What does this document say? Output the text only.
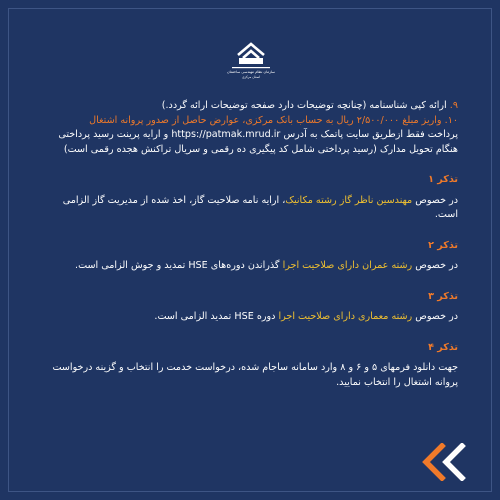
سازمان نظام مهندسی ساختمان
استان مرکزی

۹. ارائه کپی شناسنامه (چنانچه توضیحات دارد صفحه توضیحات ارائه گردد.)

۱۰. واریز مبلغ ۲/۵۰۰/۰۰۰ ریال به حساب بانک مرکزی، عوارض حاصل از صدور پروانه اشتغال

پرداخت فقط ازطریق سایت پاتمک به آدرس https://patmak.mrud.ir و ارایه پرینت رسید پرداختی هنگام تحویل مدارک (رسید پرداختی شامل کد پیگیری ده رقمی و سریال تراکنش هجده رقمی است)

تذکر ۱

در خصوص مهندسین ناظر گاز رشته مکانیک، ارایه نامه صلاحیت گاز، اخذ شده از مدیریت گاز الزامی است.

تذکر ۲

در خصوص رشته عمران دارای صلاحیت اجرا گذراندن دوره‌های HSE تمدید و جوش الزامی است.

تذکر ۳

در خصوص رشته معماری دارای صلاحیت اجرا دوره HSE تمدید الزامی است.

تذکر ۴

جهت دانلود فرمهای ۵ و ۶ و ۸ وارد سامانه ساجام شده، درخواست خدمت را انتخاب و گزینه درخواست پروانه اشتغال را انتخاب نمایید.
